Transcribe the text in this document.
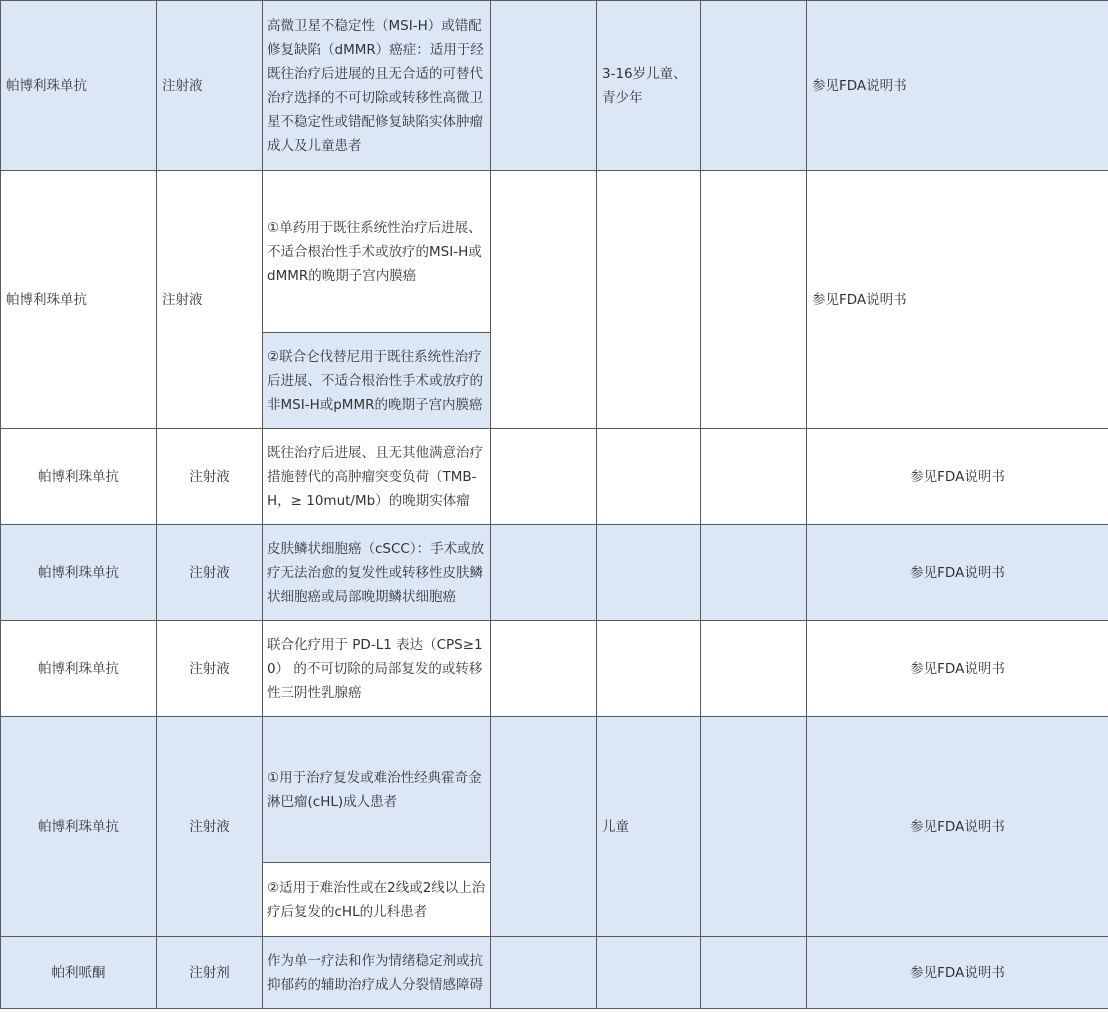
帕博利珠单抗	注射液	高微卫星不稳定性（MSI-H）或错配修复缺陷（dMMR）癌症：适用于经既往治疗后进展的且无合适的可替代治疗选择的不可切除或转移性高微卫星不稳定性或错配修复缺陷实体肿瘤成人及儿童患者		3-16岁儿童、青少年		参见FDA说明书
帕博利珠单抗	注射液	①单药用于既往系统性治疗后进展、不适合根治性手术或放疗的MSI-H或dMMR的晚期子宫内膜癌				参见FDA说明书
		②联合仑伐替尼用于既往系统性治疗后进展、不适合根治性手术或放疗的非MSI-H或pMMR的晚期子宫内膜癌				
帕博利珠单抗	注射液	既往治疗后进展、且无其他满意治疗措施替代的高肿瘤突变负荷（TMB-H，≥ 10mut/Mb）的晚期实体瘤				参见FDA说明书
帕博利珠单抗	注射液	皮肤鳞状细胞癌（cSCC）：手术或放疗无法治愈的复发性或转移性皮肤鳞状细胞癌或局部晚期鳞状细胞癌				参见FDA说明书
帕博利珠单抗	注射液	联合化疗用于 PD-L1 表达（CPS≥10） 的不可切除的局部复发的或转移性三阴性乳腺癌				参见FDA说明书
帕博利珠单抗	注射液	①用于治疗复发或难治性经典霍奇金淋巴瘤(cHL)成人患者		儿童		参见FDA说明书
		②适用于难治性或在2线或2线以上治疗后复发的cHL的儿科患者				
帕利哌酮	注射剂	作为单一疗法和作为情绪稳定剂或抗抑郁药的辅助治疗成人分裂情感障碍				参见FDA说明书
